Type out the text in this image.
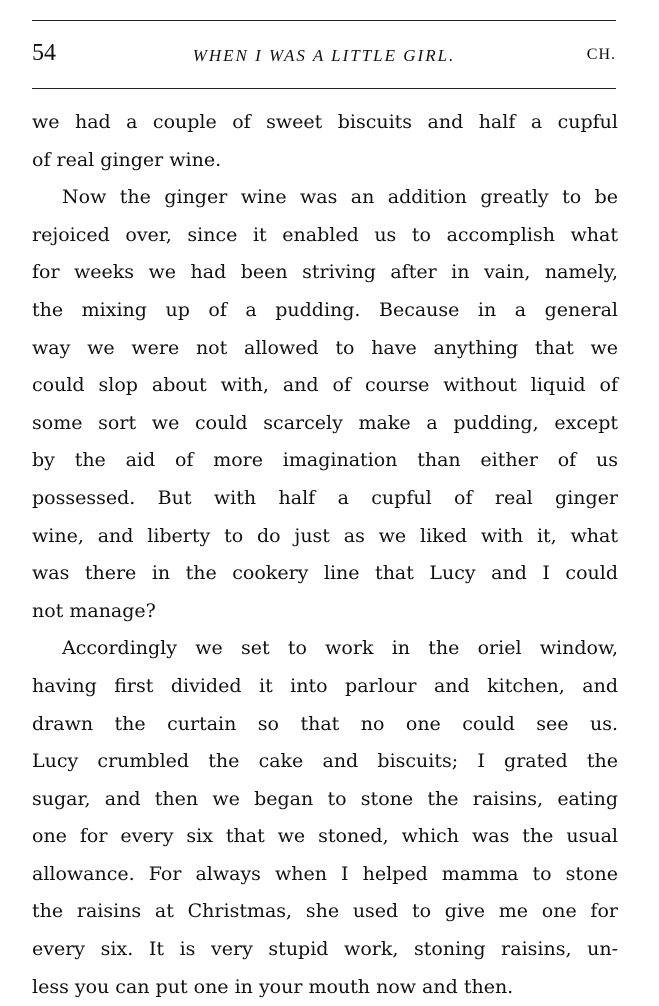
54	WHEN I WAS A LITTLE GIRL.	CH.
we had a couple of sweet biscuits and half a cupful
of real ginger wine.
Now the ginger wine was an addition greatly to be
rejoiced over, since it enabled us to accomplish what
for weeks we had been striving after in vain, namely,
the mixing up of a pudding. Because in a general
way we were not allowed to have anything that we
could slop about with, and of course without liquid of
some sort we could scarcely make a pudding, except
by the aid of more imagination than either of us
possessed. But with half a cupful of real ginger
wine, and liberty to do just as we liked with it, what
was there in the cookery line that Lucy and I could
not manage?
Accordingly we set to work in the oriel window,
having first divided it into parlour and kitchen, and
drawn the curtain so that no one could see us.
Lucy crumbled the cake and biscuits; I grated the
sugar, and then we began to stone the raisins, eating
one for every six that we stoned, which was the usual
allowance. For always when I helped mamma to stone
the raisins at Christmas, she used to give me one for
every six. It is very stupid work, stoning raisins, un-
less you can put one in your mouth now and then.
